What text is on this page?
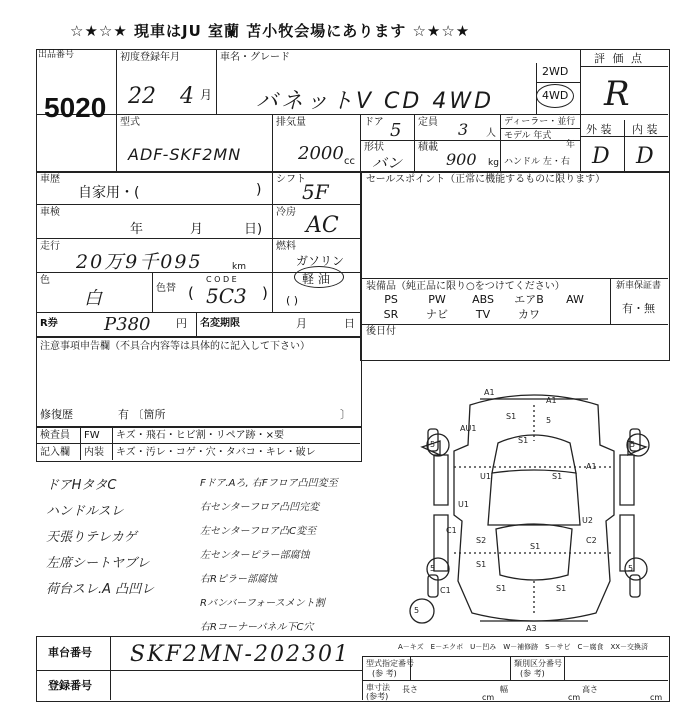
☆★☆★ 現車はJU 室蘭 苫小牧会場にあります ☆★☆★
出品番号
5020
初度登録年月
22 4 月
車名・グレード
バネットV CD 4WD
2WD
4WD
評 価 点
R
外 装 内 装
D D
型式
ADF-SKF2MN
排気量
2000 cc
ドア 5 定員 3 人
ディーラー・並行
モデル 年式
年
形状
バン
積載
900 kg ハンドル 左・右
車歴
自家用・(	)
シフト
5F
車検
年	月	日)
冷房
AC
走行
20万9千095	km
燃料
ガソリン
軽 油
( )
色
白	色替
C O D E
(	)
5C3
R券	P380 円 名変期限	月	日
セールスポイント（正常に機能するものに限ります）
装備品（純正品に限り○をつけてください）	新車保証書
有・無
PS	PW	ABS	エアB	AW
SR	ナビ	TV	カワ
後日付
注意事項申告欄（不具合内容等は具体的に記入して下さい）
修復歴	有 〔箇所	〕
検査員
記入欄
FW キズ・飛石・ヒビ割・リペア跡・×要
内装 キズ・汚レ・コゲ・穴・タバコ・キレ・破レ
ドアHタタC
ハンドルスレ
天張りテレカゲ
左席シートヤブレ
荷台スレ.A 凸凹レ
Fドア.Aろ, 右Fフロア凸凹変至
右センターフロア凸凹完変
左センターフロア凸C変至
左センターピラー部腐蚀
右Rピラー部腐蚀
Rバンバーフォースメント割
右Rコーナーパネル下C穴
A1
A1
AU1
S1
5	5
5	5
5
5
S1
A1
U1	S1
U1
U2
C2
C1
S2
S1
S1
S1	S1
C1
A3
A－キズ　E－エクボ　U－凹み　W－補修跡　S－サビ　C－腐食　XX－交換済
車台番号 SKF2MN-202301
登録番号
型式指定番号
(参 考)
類別区分番号
(参 考)
車寸法
(参考)
長さ	幅	高さ
cm	cm	cm
